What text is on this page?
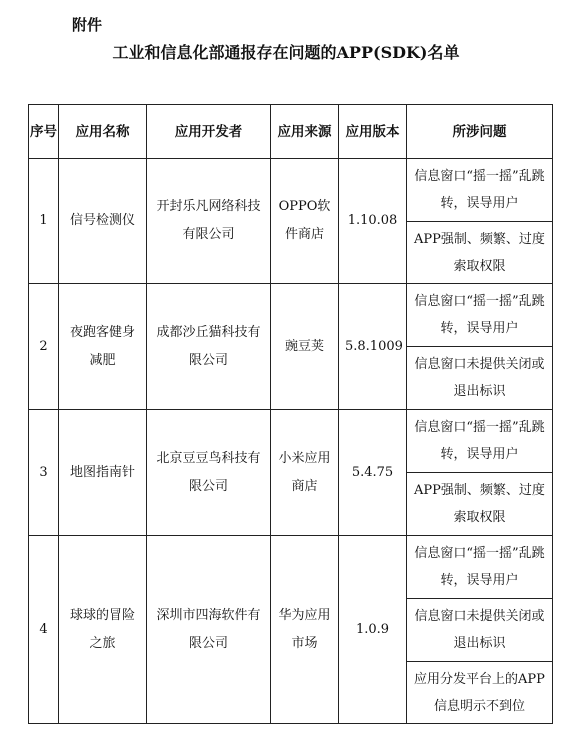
附件
工业和信息化部通报存在问题的APP(SDK)名单
序号	应用名称	应用开发者	应用来源	应用版本	所涉问题
1	信号检测仪	开封乐凡网络科技有限公司	OPPO软件商店	1.10.08	信息窗口“摇一摇”乱跳转，误导用户
					APP强制、频繁、过度索取权限
2	夜跑客健身减肥	成都沙丘猫科技有限公司	豌豆荚	5.8.1009	信息窗口“摇一摇”乱跳转，误导用户
					信息窗口未提供关闭或退出标识
3	地图指南针	北京豆豆鸟科技有限公司	小米应用商店	5.4.75	信息窗口“摇一摇”乱跳转，误导用户
					APP强制、频繁、过度索取权限
4	球球的冒险之旅	深圳市四海软件有限公司	华为应用市场	1.0.9	信息窗口“摇一摇”乱跳转，误导用户
					信息窗口未提供关闭或退出标识
					应用分发平台上的APP信息明示不到位
